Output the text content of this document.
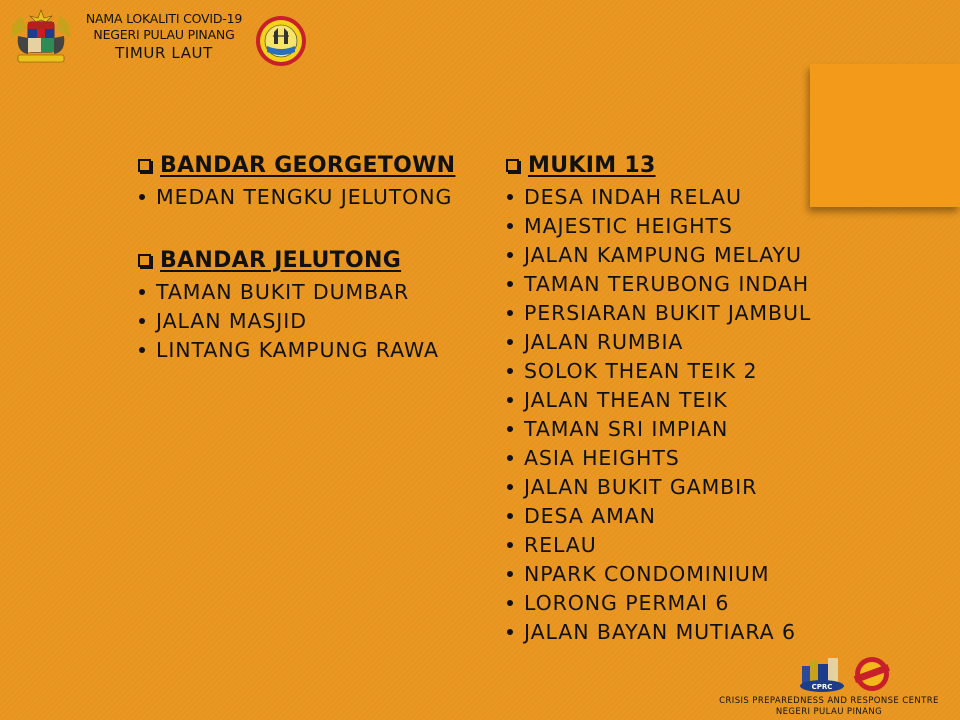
NAMA LOKALITI COVID-19
NEGERI PULAU PINANG
TIMUR LAUT
BANDAR GEORGETOWN
MEDAN TENGKU JELUTONG
BANDAR JELUTONG
TAMAN BUKIT DUMBAR
JALAN MASJID
LINTANG KAMPUNG RAWA
MUKIM 13
DESA INDAH RELAU
MAJESTIC HEIGHTS
JALAN KAMPUNG MELAYU
TAMAN TERUBONG INDAH
PERSIARAN BUKIT JAMBUL
JALAN RUMBIA
SOLOK THEAN TEIK 2
JALAN THEAN TEIK
TAMAN SRI IMPIAN
ASIA HEIGHTS
JALAN BUKIT GAMBIR
DESA AMAN
RELAU
NPARK CONDOMINIUM
LORONG PERMAI 6
JALAN BAYAN MUTIARA 6
CPRC
CRISIS PREPAREDNESS AND RESPONSE CENTRE
NEGERI PULAU PINANG
